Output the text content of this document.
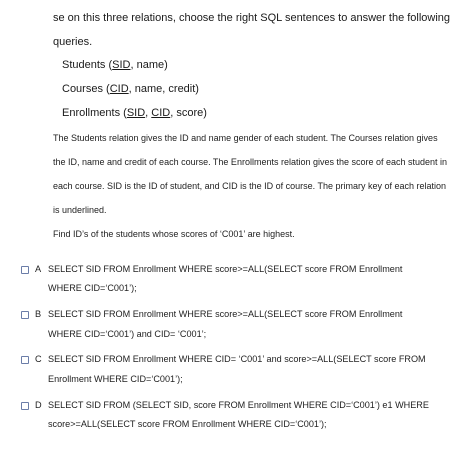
se on this three relations, choose the right SQL sentences to answer the following
queries.
Students (SID, name)
Courses (CID, name, credit)
Enrollments (SID, CID, score)
The Students relation gives the ID and name gender of each student. The Courses relation gives
the ID, name and credit of each course. The Enrollments relation gives the score of each student in
each course. SID is the ID of student, and CID is the ID of course. The primary key of each relation
is underlined.
Find ID’s of the students whose scores of ‘C001’ are highest.
A SELECT SID FROM Enrollment WHERE score>=ALL(SELECT score FROM Enrollment
WHERE CID=‘C001’);
B SELECT SID FROM Enrollment WHERE score>=ALL(SELECT score FROM Enrollment
WHERE CID=‘C001’) and CID= ‘C001’;
C SELECT SID FROM Enrollment WHERE CID= ‘C001’ and score>=ALL(SELECT score FROM
Enrollment WHERE CID=‘C001’);
D SELECT SID FROM (SELECT SID, score FROM Enrollment WHERE CID=‘C001’) e1 WHERE
score>=ALL(SELECT score FROM Enrollment WHERE CID=‘C001’);
